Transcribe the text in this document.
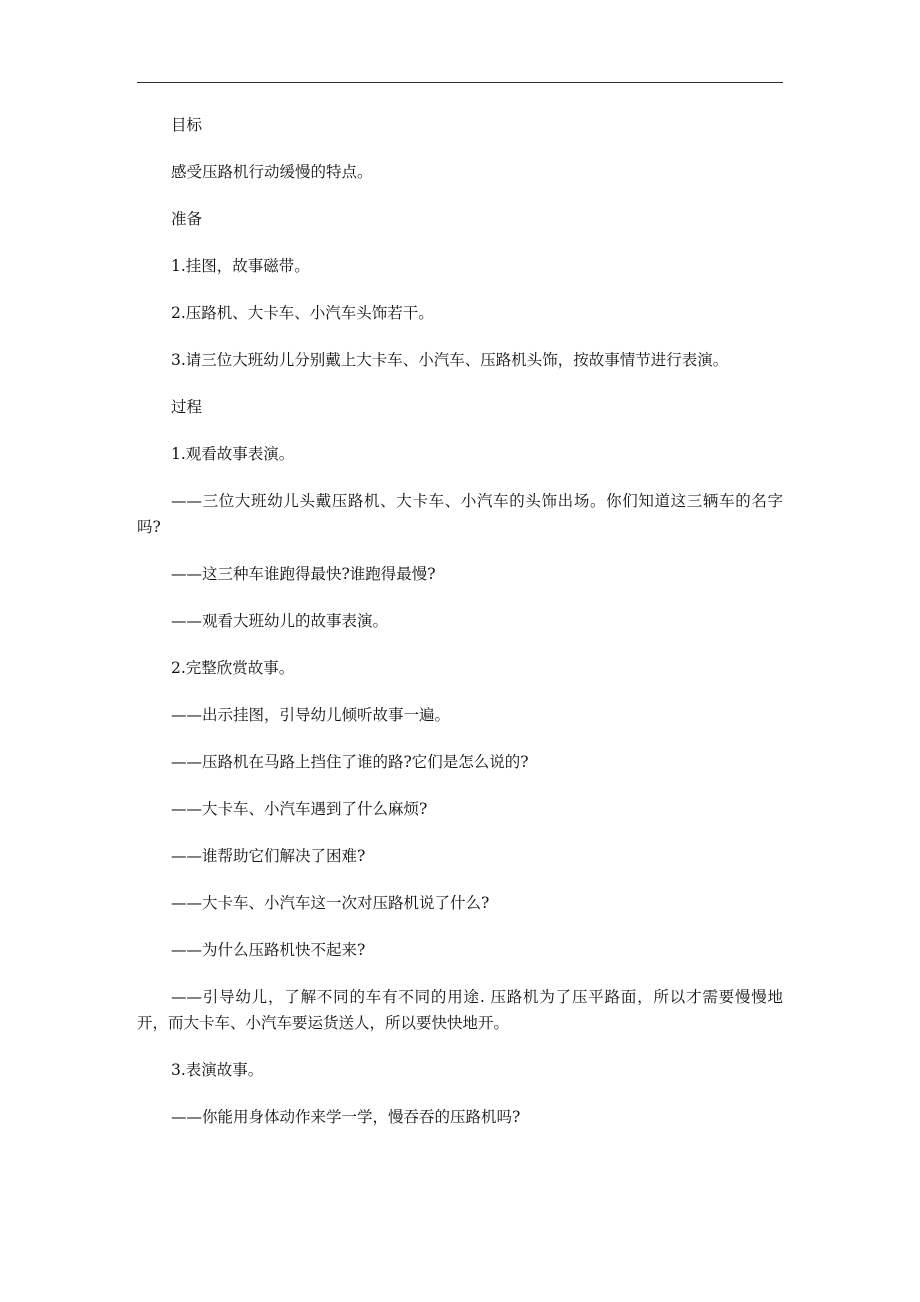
目标

感受压路机行动缓慢的特点。

准备

1.挂图，故事磁带。

2.压路机、大卡车、小汽车头饰若干。

3.请三位大班幼儿分别戴上大卡车、小汽车、压路机头饰，按故事情节进行表演。

过程

1.观看故事表演。

——三位大班幼儿头戴压路机、大卡车、小汽车的头饰出场。你们知道这三辆车的名字吗?

——这三种车谁跑得最快?谁跑得最慢?

——观看大班幼儿的故事表演。

2.完整欣赏故事。

——出示挂图，引导幼儿倾听故事一遍。

——压路机在马路上挡住了谁的路?它们是怎么说的?

——大卡车、小汽车遇到了什么麻烦?

——谁帮助它们解决了困难?

——大卡车、小汽车这一次对压路机说了什么?

——为什么压路机快不起来?

——引导幼儿，了解不同的车有不同的用途. 压路机为了压平路面，所以才需要慢慢地开，而大卡车、小汽车要运货送人，所以要快快地开。

3.表演故事。

——你能用身体动作来学一学，慢吞吞的压路机吗?
